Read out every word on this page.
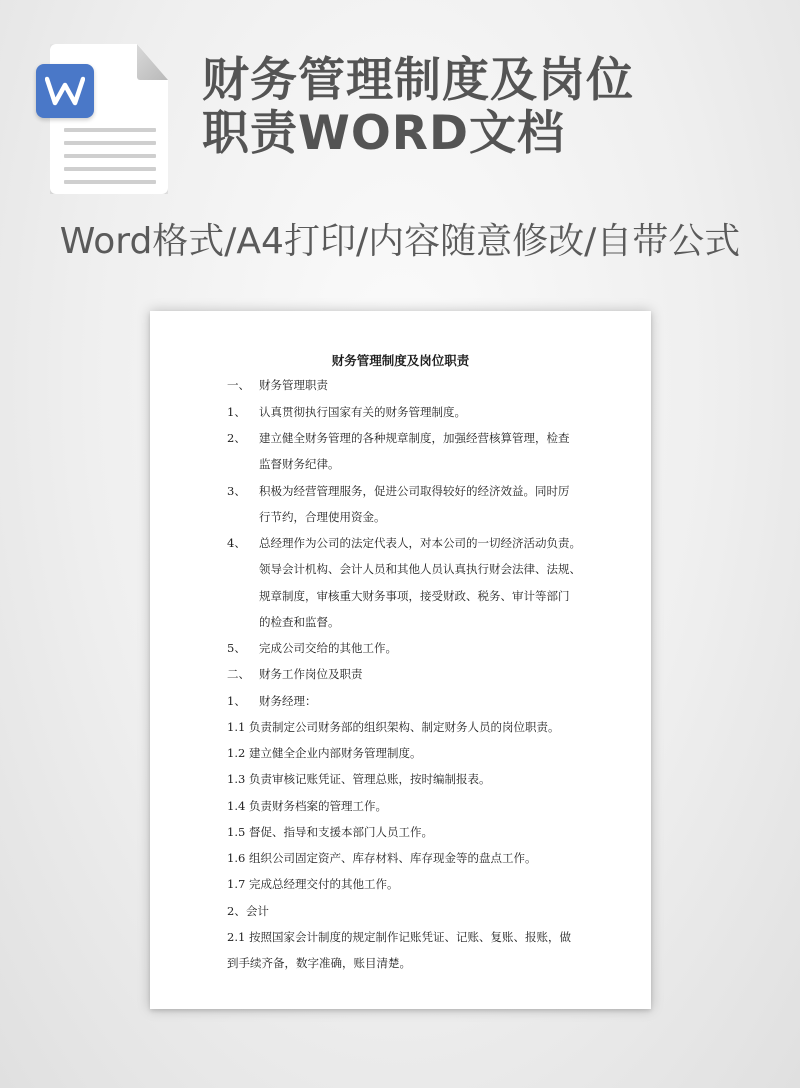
财务管理制度及岗位
职责WORD文档
Word格式/A4打印/内容随意修改/自带公式
财务管理制度及岗位职责
一、 财务管理职责
1、 认真贯彻执行国家有关的财务管理制度。
2、 建立健全财务管理的各种规章制度，加强经营核算管理，检查
监督财务纪律。
3、 积极为经营管理服务，促进公司取得较好的经济效益。同时厉
行节约，合理使用资金。
4、 总经理作为公司的法定代表人，对本公司的一切经济活动负责。
领导会计机构、会计人员和其他人员认真执行财会法律、法规、
规章制度，审核重大财务事项，接受财政、税务、审计等部门
的检查和监督。
5、 完成公司交给的其他工作。
二、 财务工作岗位及职责
1、 财务经理：
1.1 负责制定公司财务部的组织架构、制定财务人员的岗位职责。
1.2 建立健全企业内部财务管理制度。
1.3 负责审核记账凭证、管理总账，按时编制报表。
1.4 负责财务档案的管理工作。
1.5 督促、指导和支援本部门人员工作。
1.6 组织公司固定资产、库存材料、库存现金等的盘点工作。
1.7 完成总经理交付的其他工作。
2、会计
2.1 按照国家会计制度的规定制作记账凭证、记账、复账、报账，做
到手续齐备，数字准确，账目清楚。
